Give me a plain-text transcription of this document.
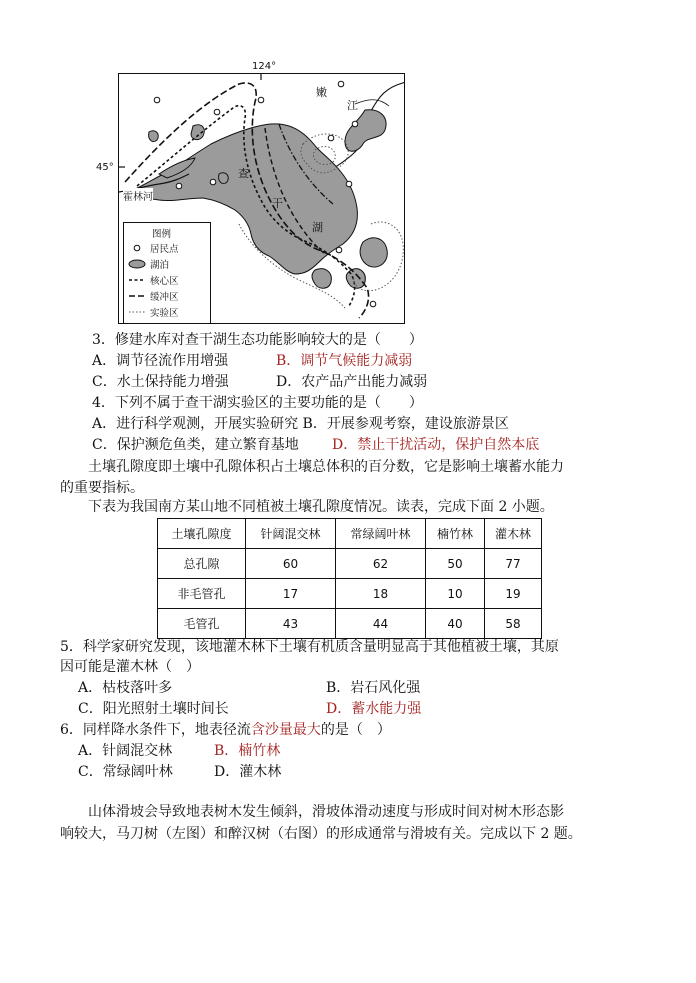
124°
45°
嫩
江
霍林河
查
干
湖
图例
居民点
湖泊
核心区
缓冲区
实验区
3．修建水库对查干湖生态功能影响较大的是（　　）
A．调节径流作用增强	B．调节气候能力减弱
C．水土保持能力增强	D．农产品产出能力减弱
4．下列不属于查干湖实验区的主要功能的是（　　）
A．进行科学观测，开展实验研究 B．开展参观考察，建设旅游景区
C．保护濒危鱼类，建立繁育基地 D．禁止干扰活动，保护自然本底
土壤孔隙度即土壤中孔隙体积占土壤总体积的百分数，它是影响土壤蓄水能力
的重要指标。
下表为我国南方某山地不同植被土壤孔隙度情况。读表，完成下面 2 小题。
土壤孔隙度	针阔混交林	常绿阔叶林	楠竹林	灌木林
总孔隙	60	62	50	77
非毛管孔	17	18	10	19
毛管孔	43	44	40	58
5．科学家研究发现，该地灌木林下土壤有机质含量明显高于其他植被土壤，其原
因可能是灌木林（　）
A．枯枝落叶多	B．岩石风化强
C．阳光照射土壤时间长	D．蓄水能力强
6．同样降水条件下，地表径流含沙量最大的是（　）
A．针阔混交林	B．楠竹林
C．常绿阔叶林	D．灌木林
山体滑坡会导致地表树木发生倾斜，滑坡体滑动速度与形成时间对树木形态影
响较大，马刀树（左图）和醉汉树（右图）的形成通常与滑坡有关。完成以下 2 题。
